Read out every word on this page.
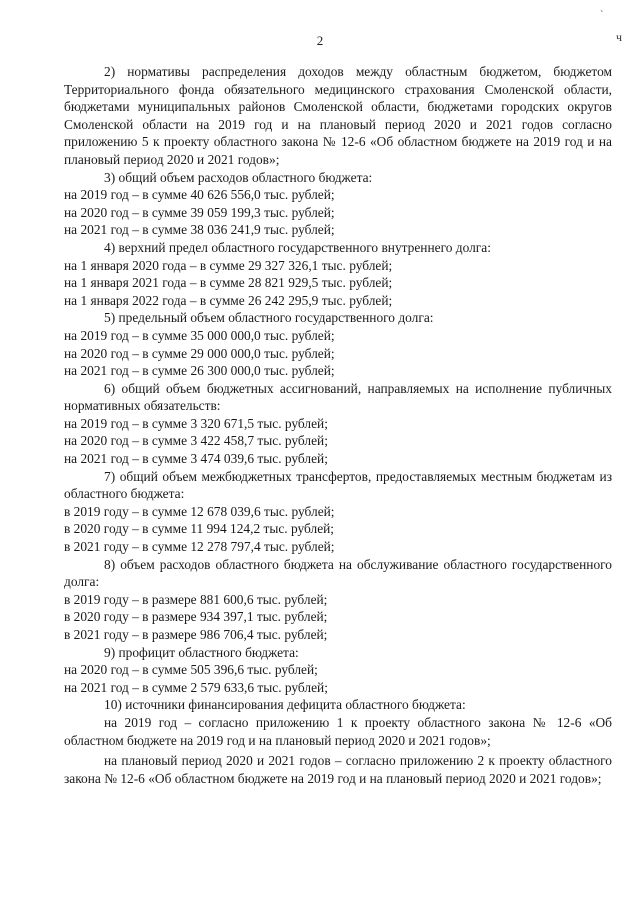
2
ˋ
ч

2) нормативы распределения доходов между областным бюджетом, бюджетом Территориального фонда обязательного медицинского страхования Смоленской области, бюджетами муниципальных районов Смоленской области, бюджетами городских округов Смоленской области на 2019 год и на плановый период 2020 и 2021 годов согласно приложению 5 к проекту областного закона № 12-6 «Об областном бюджете на 2019 год и на плановый период 2020 и 2021 годов»;

3) общий объем расходов областного бюджета:

на 2019 год – в сумме 40 626 556,0 тыс. рублей;

на 2020 год – в сумме 39 059 199,3 тыс. рублей;

на 2021 год – в сумме 38 036 241,9 тыс. рублей;

4) верхний предел областного государственного внутреннего долга:

на 1 января 2020 года – в сумме 29 327 326,1 тыс. рублей;

на 1 января 2021 года – в сумме 28 821 929,5 тыс. рублей;

на 1 января 2022 года – в сумме 26 242 295,9 тыс. рублей;

5) предельный объем областного государственного долга:

на 2019 год – в сумме 35 000 000,0 тыс. рублей;

на 2020 год – в сумме 29 000 000,0 тыс. рублей;

на 2021 год – в сумме 26 300 000,0 тыс. рублей;

6) общий объем бюджетных ассигнований, направляемых на исполнение публичных нормативных обязательств:

на 2019 год – в сумме 3 320 671,5 тыс. рублей;

на 2020 год – в сумме 3 422 458,7 тыс. рублей;

на 2021 год – в сумме 3 474 039,6 тыс. рублей;

7) общий объем межбюджетных трансфертов, предоставляемых местным бюджетам из областного бюджета:

в 2019 году – в сумме 12 678 039,6 тыс. рублей;

в 2020 году – в сумме 11 994 124,2 тыс. рублей;

в 2021 году – в сумме 12 278 797,4 тыс. рублей;

8) объем расходов областного бюджета на обслуживание областного государственного долга:

в 2019 году – в размере 881 600,6 тыс. рублей;

в 2020 году – в размере 934 397,1 тыс. рублей;

в 2021 году – в размере 986 706,4 тыс. рублей;

9) профицит областного бюджета:

на 2020 год – в сумме 505 396,6 тыс. рублей;

на 2021 год – в сумме 2 579 633,6 тыс. рублей;

10) источники финансирования дефицита областного бюджета:

на 2019 год – согласно приложению 1 к проекту областного закона № 12-6 «Об областном бюджете на 2019 год и на плановый период 2020 и 2021 годов»;

на плановый период 2020 и 2021 годов – согласно приложению 2 к проекту областного закона № 12-6 «Об областном бюджете на 2019 год и на плановый период 2020 и 2021 годов»;
